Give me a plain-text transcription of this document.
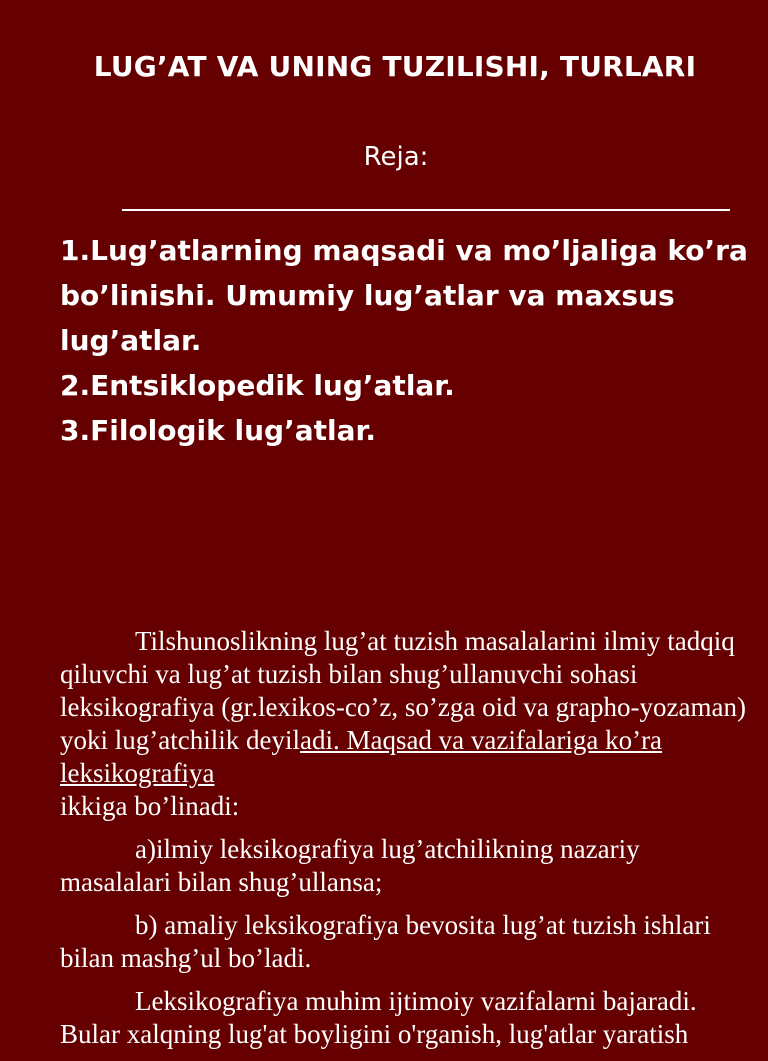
LUG’AT VA UNING TUZILISHI, TURLARI
Reja:
1.Lug’atlarning maqsadi va mo’ljaliga ko’ra bo’linishi. Umumiy lug’atlar va maxsus lug’atlar.
2.Entsiklopedik lug’atlar.
3.Filologik lug’atlar.

Tilshunoslikning lug’at tuzish masalalarini ilmiy tadqiq qiluvchi va lug’at tuzish bilan shug’ullanuvchi sohasi leksikografiya (gr.lexikos-co’z, so’zga oid va grapho-yozaman) yoki lug’atchilik deyiladi. Maqsad va vazifalariga ko’ra leksikografiya
ikkiga bo’linadi:

a)ilmiy leksikografiya lug’atchilikning nazariy masalalari bilan shug’ullansa;

b) amaliy leksikografiya bevosita lug’at tuzish ishlari bilan mashg’ul bo’ladi.

Leksikografiya muhim ijtimoiy vazifalarni bajaradi. Bular xalqning lug'at boyligini o'rganish, lug'atlar yaratish
